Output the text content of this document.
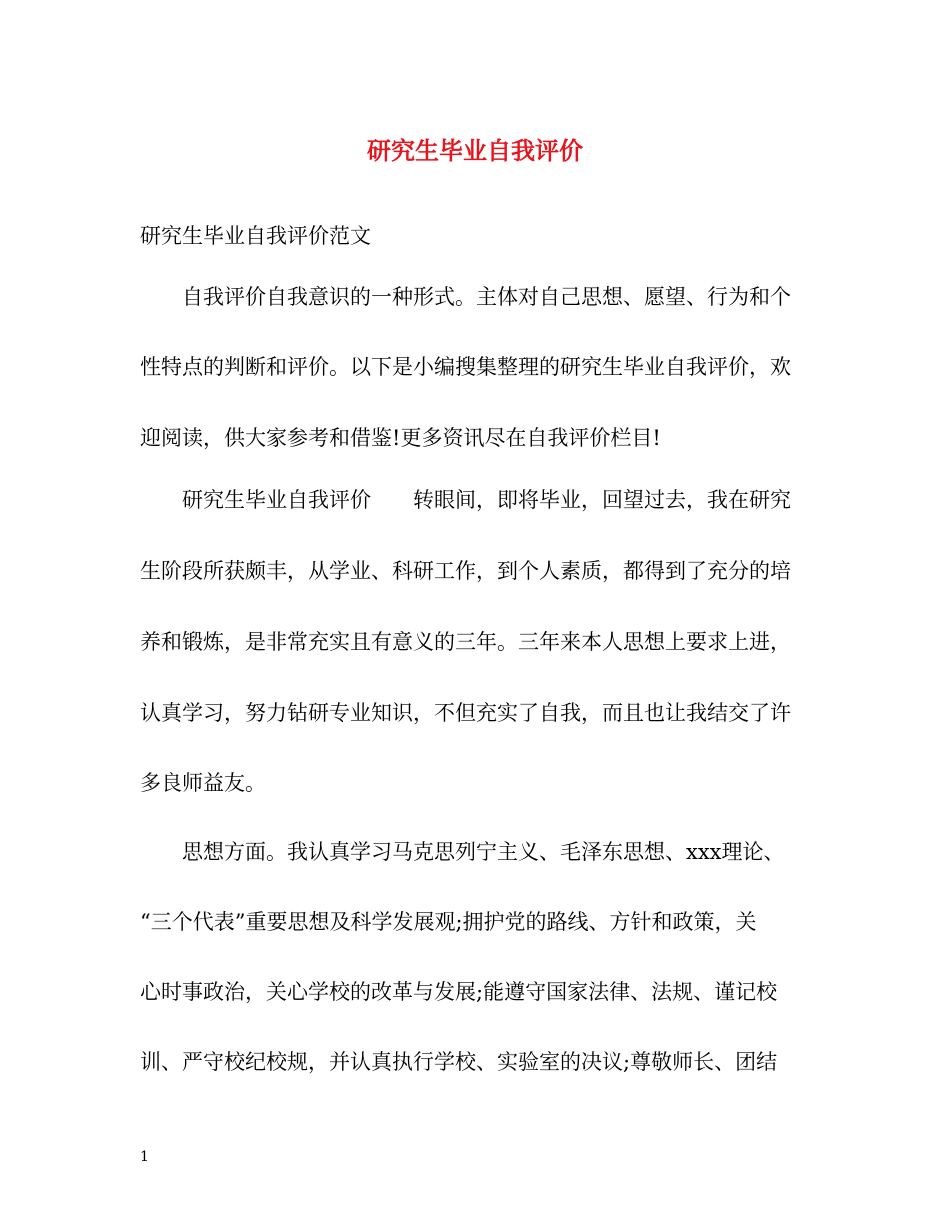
研究生毕业自我评价
研究生毕业自我评价范文
自我评价自我意识的一种形式。主体对自己思想、愿望、行为和个
性特点的判断和评价。以下是小编搜集整理的研究生毕业自我评价，欢
迎阅读，供大家参考和借鉴!更多资讯尽在自我评价栏目!
研究生毕业自我评价　　转眼间，即将毕业，回望过去，我在研究
生阶段所获颇丰，从学业、科研工作，到个人素质，都得到了充分的培
养和锻炼，是非常充实且有意义的三年。三年来本人思想上要求上进，
认真学习，努力钻研专业知识，不但充实了自我，而且也让我结交了许
多良师益友。
思想方面。我认真学习马克思列宁主义、毛泽东思想、xxx理论、
“三个代表”重要思想及科学发展观;拥护党的路线、方针和政策，关
心时事政治，关心学校的改革与发展;能遵守国家法律、法规、谨记校
训、严守校纪校规，并认真执行学校、实验室的决议;尊敬师长、团结
1
